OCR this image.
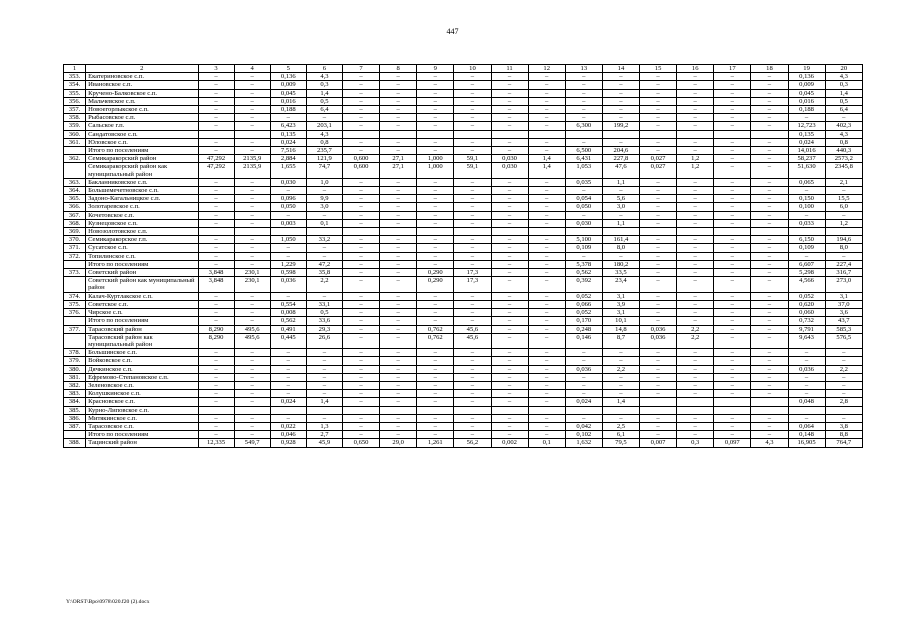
447
1	2	3	4	5	6	7	8	9	10	11	12	13	14	15	16	17	18	19	20
353.	Екатериновское с.п.	–	–	0,136	4,3	–	–	–	–	–	–	–	–	–	–	–	–	0,136	4,3
354.	Ивановское с.п.	–	–	0,009	0,3	–	–	–	–	–	–	–	–	–	–	–	–	0,009	0,3
355.	Кручено-Балковское с.п.	–	–	0,045	1,4	–	–	–	–	–	–	–	–	–	–	–	–	0,045	1,4
356.	Мальчевское с.п.	–	–	0,016	0,5	–	–	–	–	–	–	–	–	–	–	–	–	0,016	0,5
357.	Новоегорлыкское с.п.	–	–	0,188	6,4	–	–	–	–	–	–	–	–	–	–	–	–	0,188	6,4
358.	Рыбасовское с.п.	–	–	–	–	–	–	–	–	–	–	–	–	–	–	–	–	–	–
359.	Сальское г.п.	–	–	6,423	203,1	–	–	–	–	–	–	6,300	199,2	–	–	–	–	12,723	402,3
360.	Сандатовское с.п.			0,135	4,3													0,135	4,3
361.	Юловское с.п.	–	–	0,024	0,8	–	–	–	–	–	–	–	–	–	–	–	–	0,024	0,8
	Итого по поселениям	–	–	7,516	235,7	–	–	–	–	–	–	6,500	204,6	–	–	–	–	14,016	440,3
362.	Семикаракорский район	47,292	2135,9	2,884	121,9	0,600	27,1	1,000	59,1	0,030	1,4	6,431	227,8	0,027	1,2	–	–	58,237	2573,2
	Семикаракорский район как муниципальный район	47,292	2135,9	1,655	74,7	0,600	27,1	1,000	59,1	0,030	1,4	1,053	47,6	0,027	1,2	–	–	51,630	2345,8
363.	Бакланниковское с.п.	–	–	0,030	1,0	–	–	–	–	–	–	0,035	1,1	–	–	–	–	0,065	2,1
364.	Большемечетновское с.п.	–	–	–	–	–	–	–	–	–	–	–	–	–	–	–	–	–	–
365.	Задоно-Кагальницкое с.п.	–	–	0,096	9,9	–	–	–	–	–	–	0,054	5,6	–	–	–	–	0,150	15,5
366.	Золотаревское с.п.	–	–	0,050	3,0	–	–	–	–	–	–	0,050	3,0	–	–	–	–	0,100	6,0
367.	Кочетовское с.п.	–	–	–	–	–	–	–	–	–	–	–	–	–	–	–	–	–	–
368.	Кузнецовское с.п.	–	–	0,003	0,1	–	–	–	–	–	–	0,030	1,1	–	–	–	–	0,033	1,2
369.	Новозолотовское с.п.																		
370.	Семикаракорское г.п.	–	–	1,050	33,2	–	–	–	–	–	–	5,100	161,4	–	–	–	–	6,150	194,6
371.	Сусатское с.п.	–	–	–	–	–	–	–	–	–	–	0,109	8,0	–	–	–	–	0,109	8,0
372.	Топилинское с.п.	–	–	–	–	–	–	–	–	–	–	–	–	–	–	–	–	–	–
	Итого по поселениям	–	–	1,229	47,2	–	–	–	–	–	–	5,378	180,2	–	–	–	–	6,607	227,4
373.	Советский район	3,848	230,1	0,598	35,8	–	–	0,290	17,3	–	–	0,562	33,5	–	–	–	–	5,298	316,7
	Советский район как муниципальный район	3,848	230,1	0,036	2,2	–	–	0,290	17,3	–	–	0,392	23,4	–	–	–	–	4,566	273,0
374.	Калач-Куртлакское с.п.	–	–	–	–	–	–	–	–	–	–	0,052	3,1	–	–	–	–	0,052	3,1
375.	Советское с.п.	–	–	0,554	33,1	–	–	–	–	–	–	0,066	3,9	–	–	–	–	0,620	37,0
376.	Чирское с.п.	–	–	0,008	0,5	–	–	–	–	–	–	0,052	3,1	–	–	–	–	0,060	3,6
	Итого по поселениям	–	–	0,562	33,6	–	–	–	–	–	–	0,170	10,1	–	–	–	–	0,732	43,7
377.	Тарасовский район	8,290	495,6	0,491	29,3	–	–	0,762	45,6	–	–	0,248	14,8	0,036	2,2	–	–	9,791	585,3
	Тарасовский район как муниципальный район	8,290	495,6	0,445	26,6	–	–	0,762	45,6	–	–	0,146	8,7	0,036	2,2	–	–	9,643	576,5
378.	Большинское с.п.	–	–	–	–	–	–	–	–	–	–	–	–	–	–	–	–	–	–
379.	Войковское с.п.	–	–	–	–	–	–	–	–	–	–	–	–	–	–	–	–	–	–
380.	Дячкинское с.п.	–	–	–	–	–	–	–	–	–	–	0,036	2,2	–	–	–	–	0,036	2,2
381.	Ефремово-Степановское с.п.	–	–	–	–	–	–	–	–	–	–	–	–	–	–	–	–	–	–
382.	Зеленовское с.п.	–	–	–	–	–	–	–	–	–	–	–	–	–	–	–	–	–	–
383.	Колушкинское с.п.	–	–	–	–	–	–	–	–	–	–	–	–	–	–	–	–	–	–
384.	Красновское с.п.	–	–	0,024	1,4	–	–	–	–	–	–	0,024	1,4					0,048	2,8
385.	Курно-Липовское с.п.																		
386.	Митякинское с.п.	–	–	–	–	–	–	–	–	–	–	–	–	–	–	–	–	–	–
387.	Тарасовское с.п.	–	–	0,022	1,3	–	–	–	–	–	–	0,042	2,5	–	–	–	–	0,064	3,8
	Итого по поселениям	–	–	0,046	2,7	–	–	–	–	–	–	0,102	6,1	–	–	–	–	0,148	8,8
388.	Тацинский район	12,335	549,7	0,928	45,9	0,650	29,0	1,261	56,2	0,002	0,1	1,632	79,5	0,007	0,3	0,097	4,3	16,905	764,7
Y:\ORST\Bpo\0978\020.f20 (2).docx
